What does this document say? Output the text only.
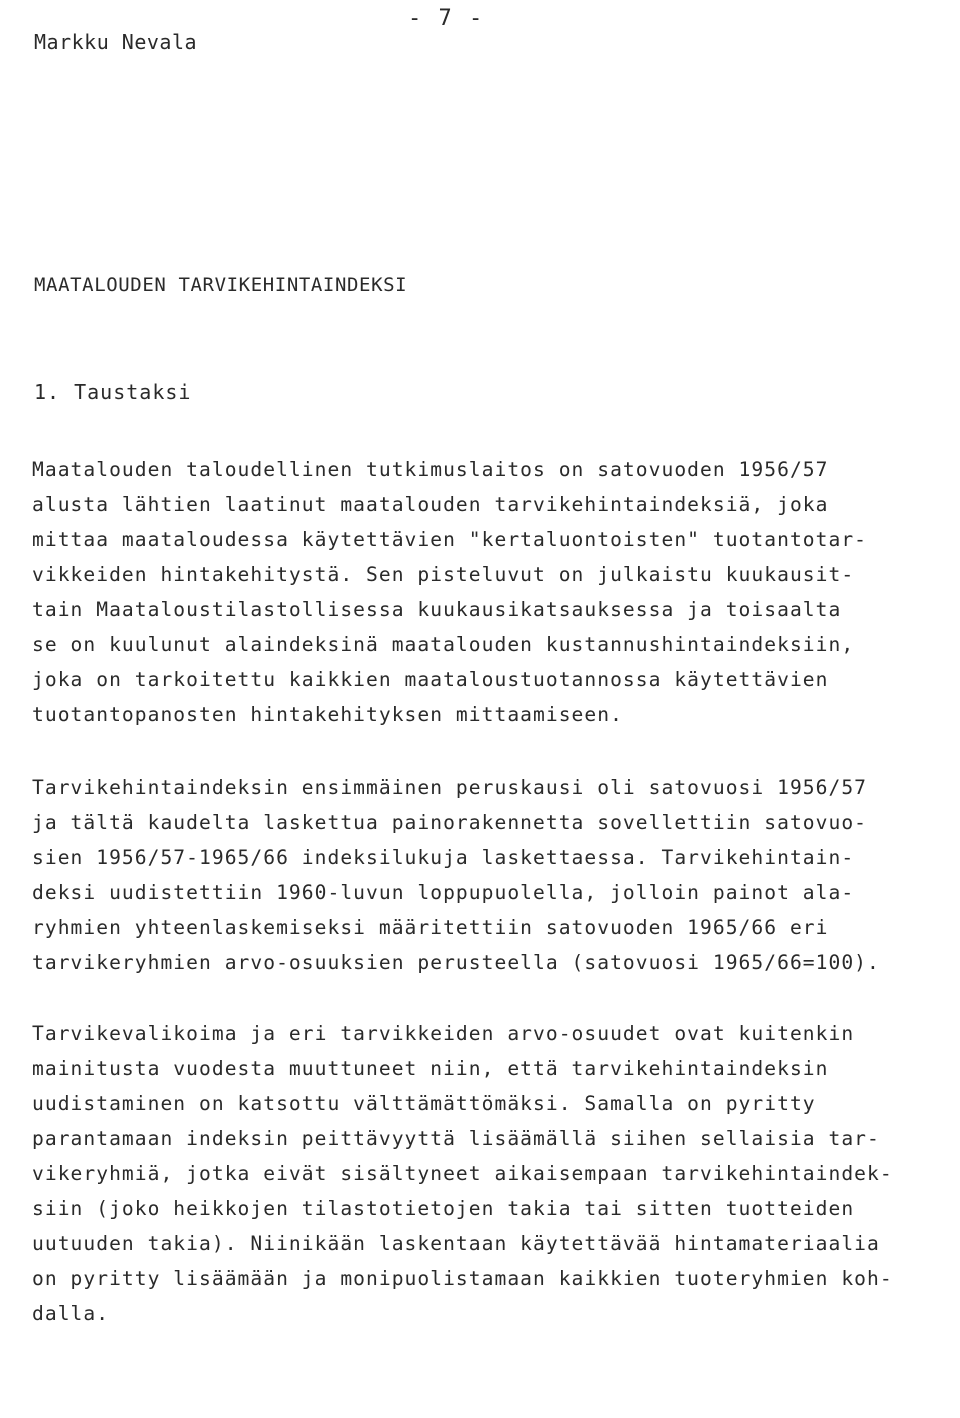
- 7 -
Markku Nevala
MAATALOUDEN TARVIKEHINTAINDEKSI
1. Taustaksi
Maatalouden taloudellinen tutkimuslaitos on satovuoden 1956/57
alusta lähtien laatinut maatalouden tarvikehintaindeksiä, joka
mittaa maataloudessa käytettävien "kertaluontoisten" tuotantotar-
vikkeiden hintakehitystä. Sen pisteluvut on julkaistu kuukausit-
tain Maataloustilastollisessa kuukausikatsauksessa ja toisaalta
se on kuulunut alaindeksinä maatalouden kustannushintaindeksiin,
joka on tarkoitettu kaikkien maataloustuotannossa käytettävien
tuotantopanosten hintakehityksen mittaamiseen.
Tarvikehintaindeksin ensimmäinen peruskausi oli satovuosi 1956/57
ja tältä kaudelta laskettua painorakennetta sovellettiin satovuo-
sien 1956/57-1965/66 indeksilukuja laskettaessa. Tarvikehintain-
deksi uudistettiin 1960-luvun loppupuolella, jolloin painot ala-
ryhmien yhteenlaskemiseksi määritettiin satovuoden 1965/66 eri
tarvikeryhmien arvo-osuuksien perusteella (satovuosi 1965/66=100).
Tarvikevalikoima ja eri tarvikkeiden arvo-osuudet ovat kuitenkin
mainitusta vuodesta muuttuneet niin, että tarvikehintaindeksin
uudistaminen on katsottu välttämättömäksi. Samalla on pyritty
parantamaan indeksin peittävyyttä lisäämällä siihen sellaisia tar-
vikeryhmiä, jotka eivät sisältyneet aikaisempaan tarvikehintaindek-
siin (joko heikkojen tilastotietojen takia tai sitten tuotteiden
uutuuden takia). Niinikään laskentaan käytettävää hintamateriaalia
on pyritty lisäämään ja monipuolistamaan kaikkien tuoteryhmien koh-
dalla.
